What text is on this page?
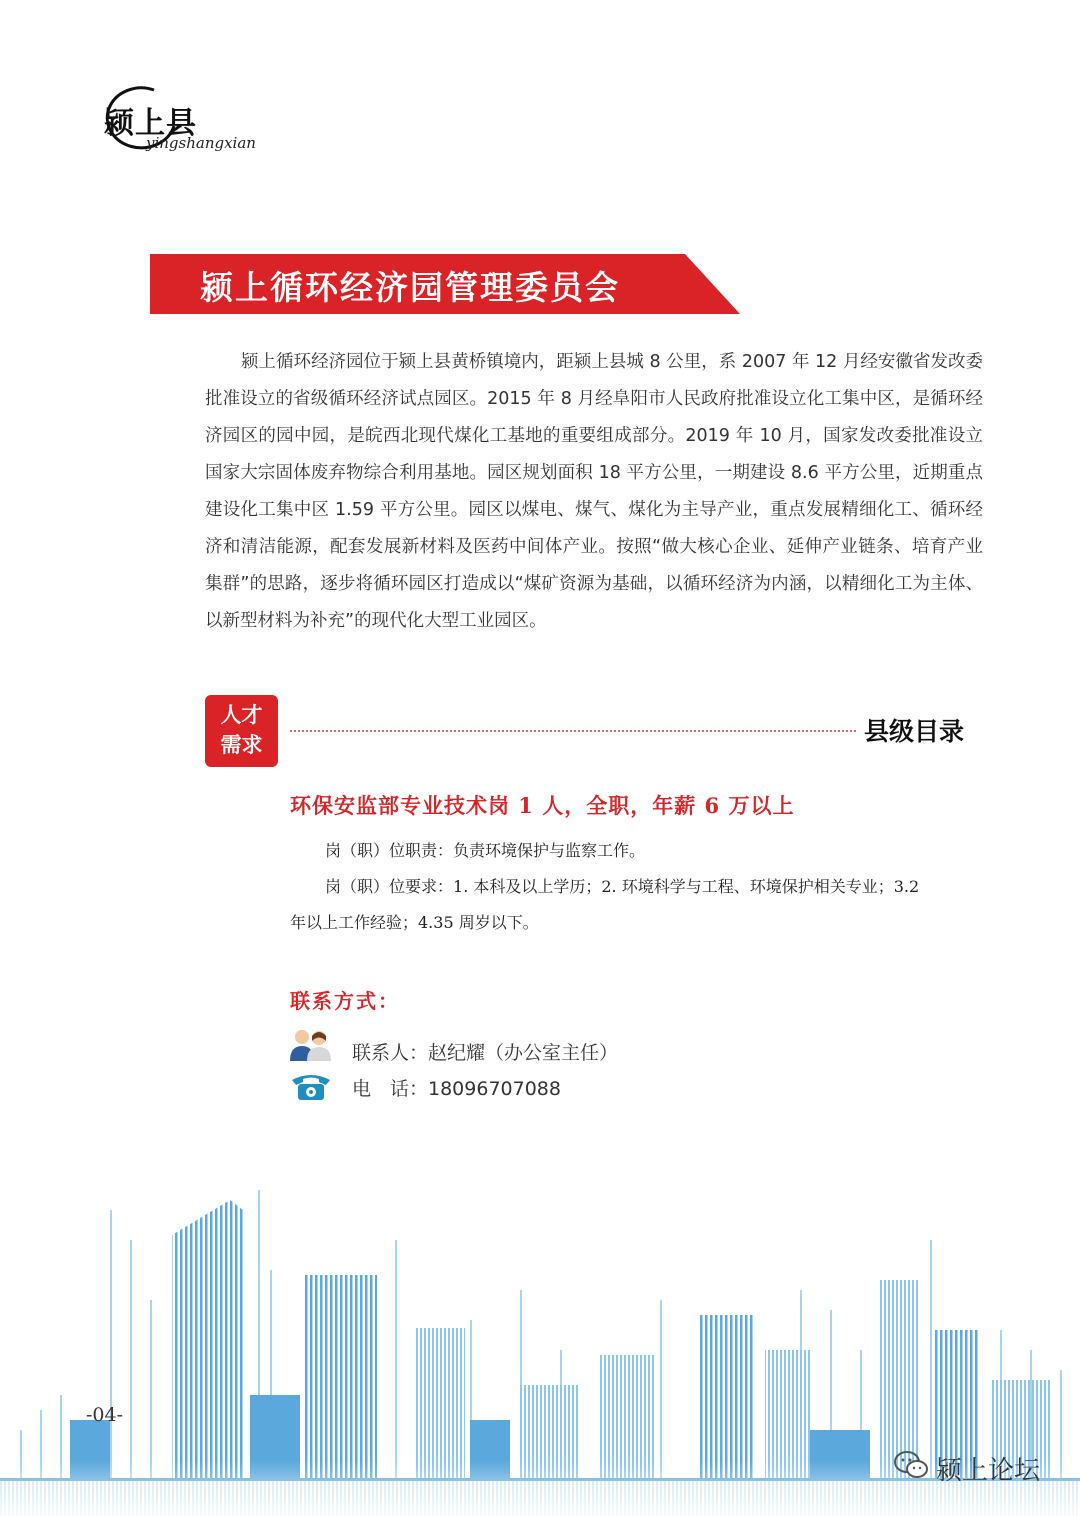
颍上县
yingshangxian
颍上循环经济园管理委员会

颍上循环经济园位于颍上县黄桥镇境内，距颍上县城 8 公里，系 2007 年 12 月经安徽省发改委批准设立的省级循环经济试点园区。2015 年 8 月经阜阳市人民政府批准设立化工集中区，是循环经济园区的园中园，是皖西北现代煤化工基地的重要组成部分。2019 年 10 月，国家发改委批准设立国家大宗固体废弃物综合利用基地。园区规划面积 18 平方公里，一期建设 8.6 平方公里，近期重点建设化工集中区 1.59 平方公里。园区以煤电、煤气、煤化为主导产业，重点发展精细化工、循环经济和清洁能源，配套发展新材料及医药中间体产业。按照“做大核心企业、延伸产业链条、培育产业集群”的思路，逐步将循环园区打造成以“煤矿资源为基础，以循环经济为内涵，以精细化工为主体、以新型材料为补充”的现代化大型工业园区。

人才
需求	县级目录
环保安监部专业技术岗 1 人，全职，年薪 6 万以上
岗（职）位职责：负责环境保护与监察工作。
岗（职）位要求：1. 本科及以上学历；2. 环境科学与工程、环境保护相关专业；3.2
年以上工作经验；4.35 周岁以下。
联系方式：
联系人：赵纪耀（办公室主任）
电　话：18096707088
-04-
颍上论坛
